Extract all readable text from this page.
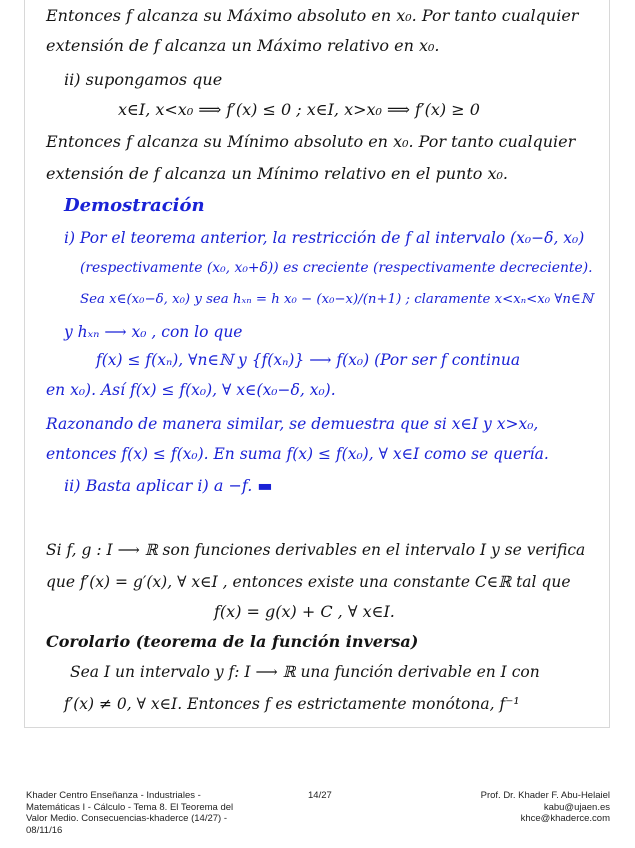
Entonces f alcanza su Máximo absoluto en x₀. Por tanto cualquier
extensión de f alcanza un Máximo relativo en x₀.
ii) supongamos que
x∈I, x<x₀ ⟹ f′(x) ≤ 0 ; x∈I, x>x₀ ⟹ f′(x) ≥ 0
Entonces f alcanza su Mínimo absoluto en x₀. Por tanto cualquier
extensión de f alcanza un Mínimo relativo en el punto x₀.
Demostración
i) Por el teorema anterior, la restricción de f al intervalo (x₀−δ, x₀)
(respectivamente (x₀, x₀+δ)) es creciente (respectivamente decreciente).
Sea x∈(x₀−δ, x₀) y sea hₓₙ = h x₀ − (x₀−x)/(n+1) ; claramente x<xₙ<x₀ ∀n∈ℕ
y hₓₙ ⟶ x₀ , con lo que
f(x) ≤ f(xₙ), ∀n∈ℕ y {f(xₙ)} ⟶ f(x₀) (Por ser f continua
en x₀). Así f(x) ≤ f(x₀), ∀ x∈(x₀−δ, x₀).
Razonando de manera similar, se demuestra que si x∈I y x>x₀,
entonces f(x) ≤ f(x₀). En suma f(x) ≤ f(x₀), ∀ x∈I como se quería.
ii) Basta aplicar i) a −f. ▬
Si f, g : I ⟶ ℝ son funciones derivables en el intervalo I y se verifica
que f′(x) = g′(x), ∀ x∈I , entonces existe una constante C∈ℝ tal que
f(x) = g(x) + C , ∀ x∈I.
Corolario (teorema de la función inversa)
Sea I un intervalo y f: I ⟶ ℝ una función derivable en I con
f′(x) ≠ 0, ∀ x∈I. Entonces f es estrictamente monótona, f⁻¹
Khader Centro Enseñanza - Industriales -
Matemáticas I - Cálculo - Tema 8. El Teorema del
Valor Medio. Consecuencias-khaderce (14/27) -
08/11/16
14/27	Prof. Dr. Khader F. Abu-Helaiel
kabu@ujaen.es
khce@khaderce.com
